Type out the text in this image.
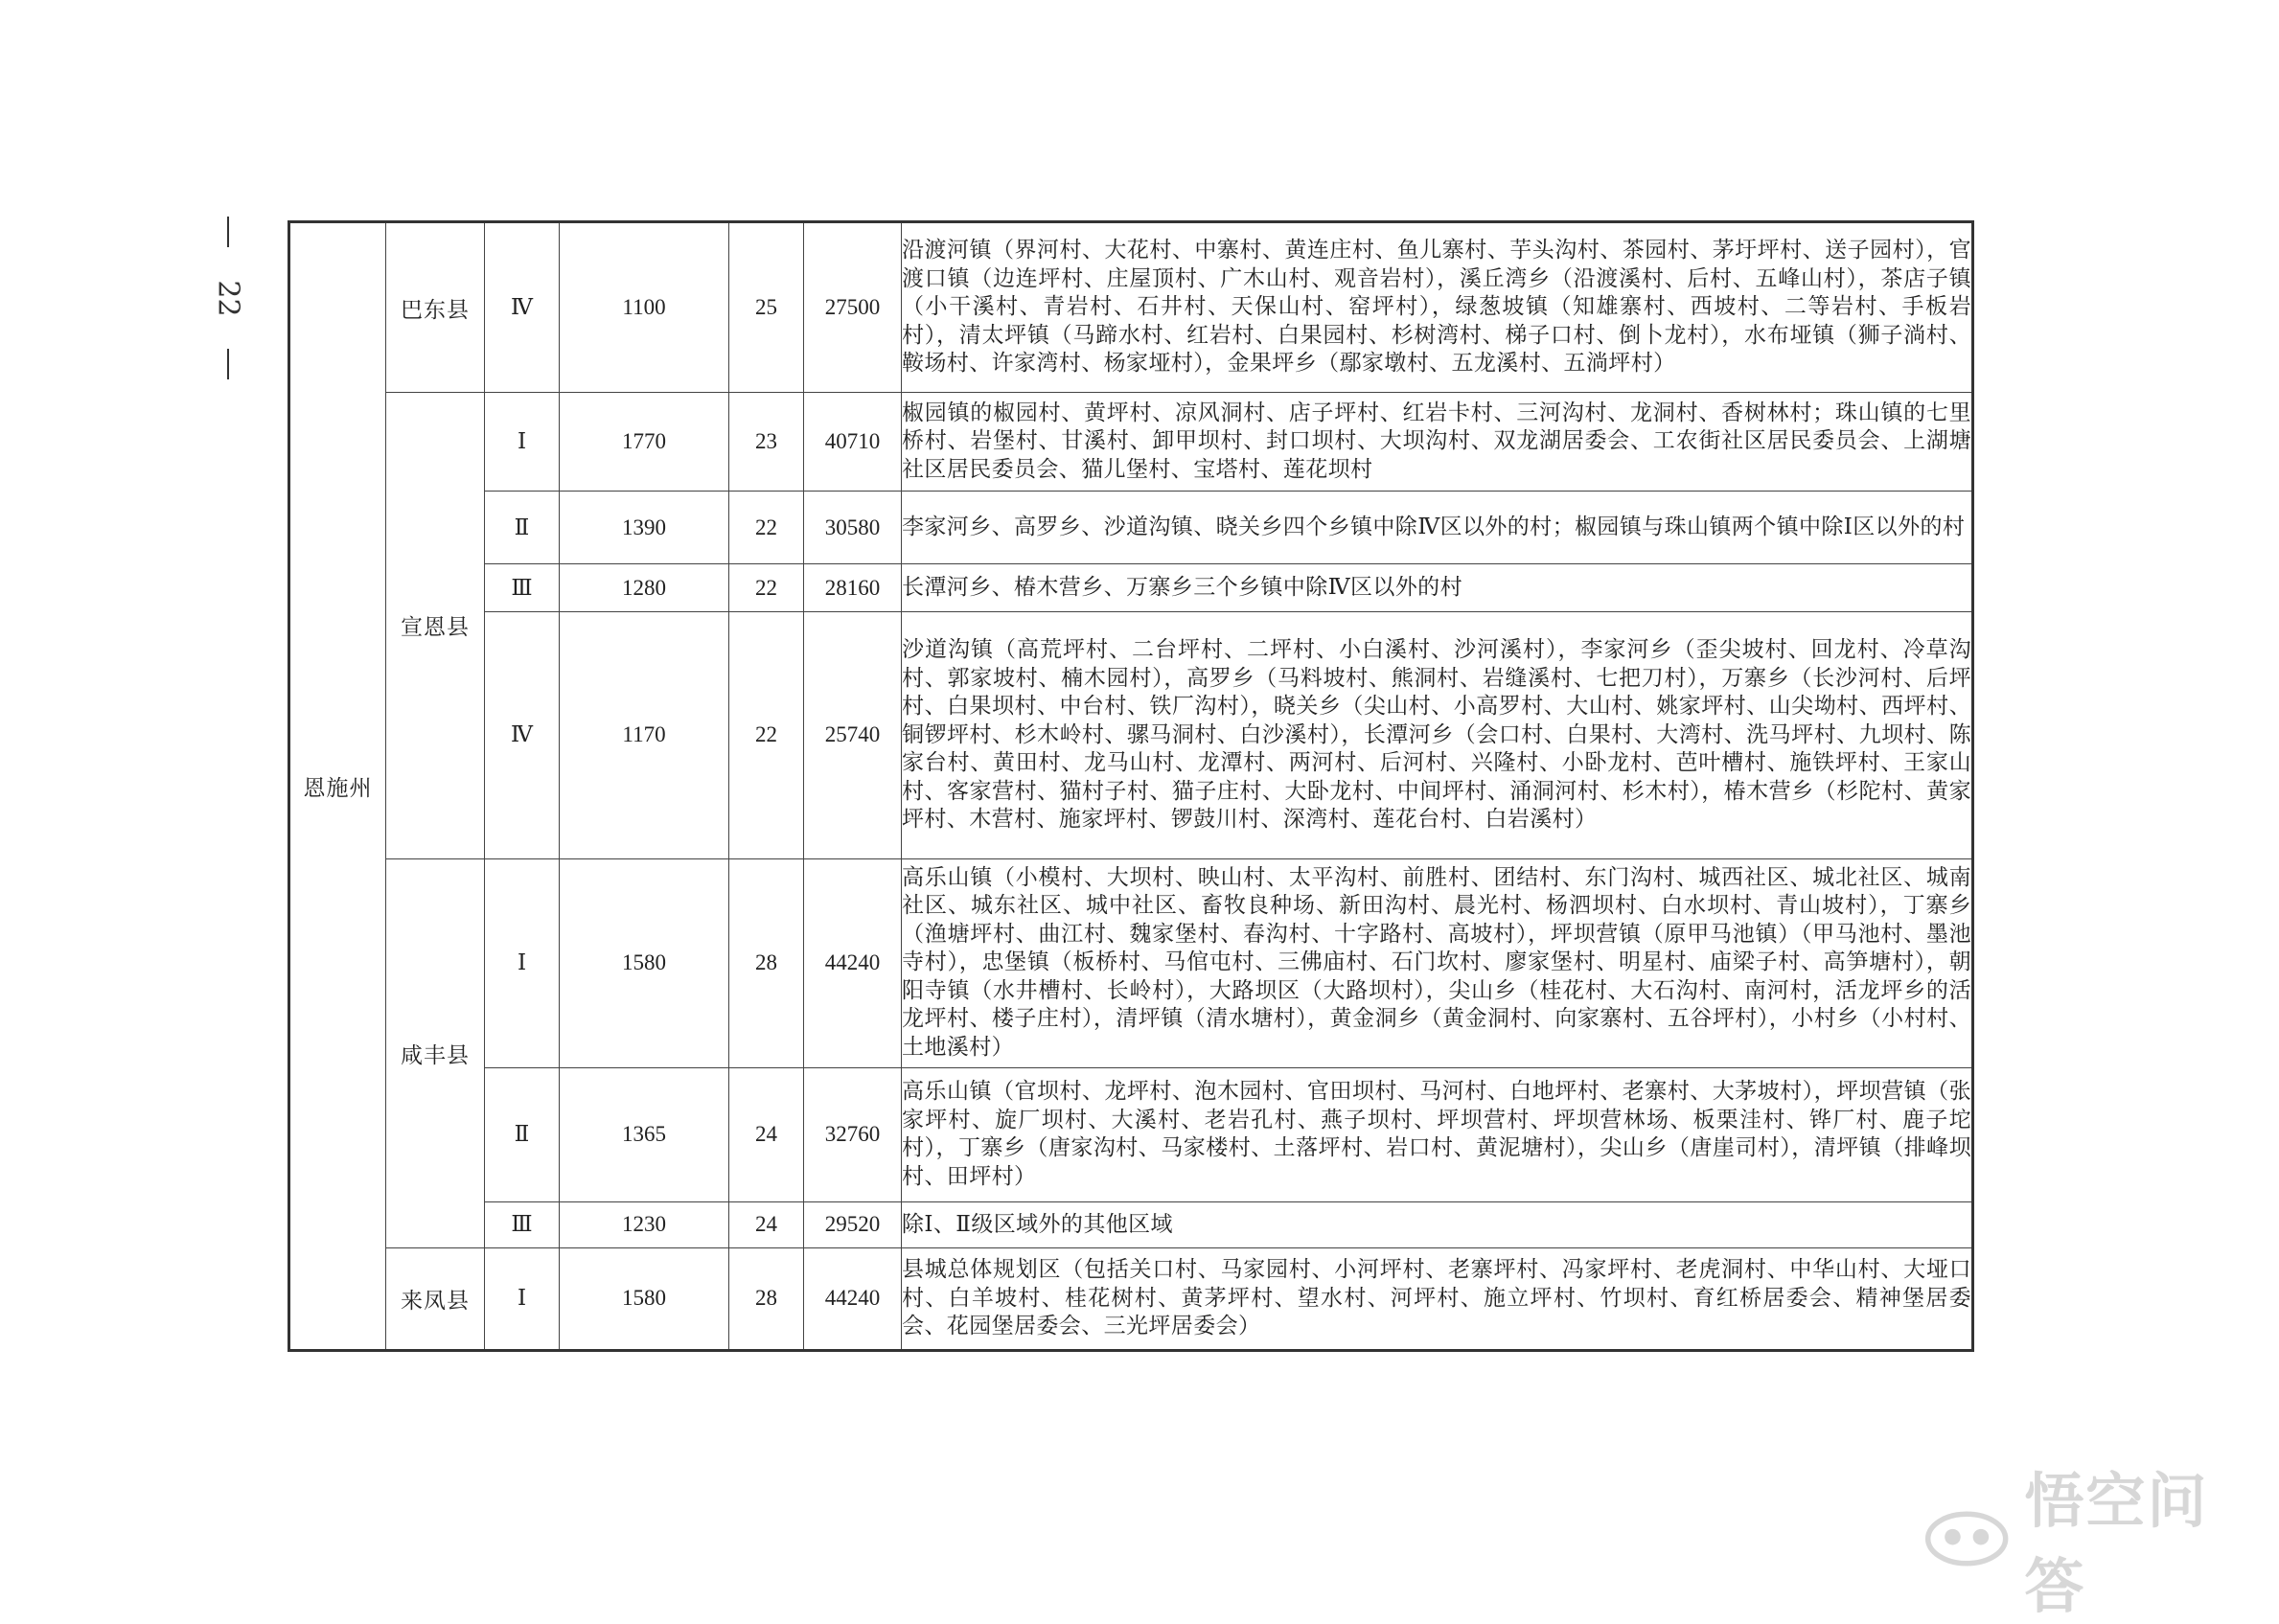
22
恩施州	巴东县	Ⅳ	1100	25	27500	沿渡河镇（界河村、大花村、中寨村、黄连庄村、鱼儿寨村、芋头沟村、茶园村、茅圩坪村、送子园村），官渡口镇（边连坪村、庄屋顶村、广木山村、观音岩村），溪丘湾乡（沿渡溪村、后村、五峰山村），茶店子镇（小干溪村、青岩村、石井村、天保山村、窑坪村），绿葱坡镇（知雄寨村、西坡村、二等岩村、手板岩村），清太坪镇（马蹄水村、红岩村、白果园村、杉树湾村、梯子口村、倒卜龙村），水布垭镇（狮子淌村、鞍场村、许家湾村、杨家垭村），金果坪乡（鄢家墩村、五龙溪村、五淌坪村）
	宣恩县	Ⅰ	1770	23	40710	椒园镇的椒园村、黄坪村、凉风洞村、店子坪村、红岩卡村、三河沟村、龙洞村、香树林村；珠山镇的七里桥村、岩堡村、甘溪村、卸甲坝村、封口坝村、大坝沟村、双龙湖居委会、工农街社区居民委员会、上湖塘社区居民委员会、猫儿堡村、宝塔村、莲花坝村
		Ⅱ	1390	22	30580	李家河乡、高罗乡、沙道沟镇、晓关乡四个乡镇中除Ⅳ区以外的村；椒园镇与珠山镇两个镇中除Ⅰ区以外的村
		Ⅲ	1280	22	28160	长潭河乡、椿木营乡、万寨乡三个乡镇中除Ⅳ区以外的村
		Ⅳ	1170	22	25740	沙道沟镇（高荒坪村、二台坪村、二坪村、小白溪村、沙河溪村），李家河乡（歪尖坡村、回龙村、冷草沟村、郭家坡村、楠木园村），高罗乡（马料坡村、熊洞村、岩缝溪村、七把刀村），万寨乡（长沙河村、后坪村、白果坝村、中台村、铁厂沟村），晓关乡（尖山村、小高罗村、大山村、姚家坪村、山尖坳村、西坪村、铜锣坪村、杉木岭村、骡马洞村、白沙溪村），长潭河乡（会口村、白果村、大湾村、洗马坪村、九坝村、陈家台村、黄田村、龙马山村、龙潭村、两河村、后河村、兴隆村、小卧龙村、芭叶槽村、施铁坪村、王家山村、客家营村、猫村子村、猫子庄村、大卧龙村、中间坪村、涌洞河村、杉木村），椿木营乡（杉陀村、黄家坪村、木营村、施家坪村、锣鼓川村、深湾村、莲花台村、白岩溪村）
	咸丰县	Ⅰ	1580	28	44240	高乐山镇（小模村、大坝村、映山村、太平沟村、前胜村、团结村、东门沟村、城西社区、城北社区、城南社区、城东社区、城中社区、畜牧良种场、新田沟村、晨光村、杨泗坝村、白水坝村、青山坡村），丁寨乡（渔塘坪村、曲江村、魏家堡村、春沟村、十字路村、高坡村），坪坝营镇（原甲马池镇）（甲马池村、墨池寺村），忠堡镇（板桥村、马倌屯村、三佛庙村、石门坎村、廖家堡村、明星村、庙梁子村、高笋塘村），朝阳寺镇（水井槽村、长岭村），大路坝区（大路坝村），尖山乡（桂花村、大石沟村、南河村，活龙坪乡的活龙坪村、楼子庄村），清坪镇（清水塘村），黄金洞乡（黄金洞村、向家寨村、五谷坪村），小村乡（小村村、土地溪村）
		Ⅱ	1365	24	32760	高乐山镇（官坝村、龙坪村、泡木园村、官田坝村、马河村、白地坪村、老寨村、大茅坡村），坪坝营镇（张家坪村、旋厂坝村、大溪村、老岩孔村、燕子坝村、坪坝营村、坪坝营林场、板栗洼村、铧厂村、鹿子坨村），丁寨乡（唐家沟村、马家楼村、土落坪村、岩口村、黄泥塘村），尖山乡（唐崖司村），清坪镇（排峰坝村、田坪村）
		Ⅲ	1230	24	29520	除Ⅰ、Ⅱ级区域外的其他区域
	来凤县	Ⅰ	1580	28	44240	县城总体规划区（包括关口村、马家园村、小河坪村、老寨坪村、冯家坪村、老虎洞村、中华山村、大垭口村、白羊坡村、桂花树村、黄茅坪村、望水村、河坪村、施立坪村、竹坝村、育红桥居委会、精神堡居委会、花园堡居委会、三光坪居委会）
悟空问答
